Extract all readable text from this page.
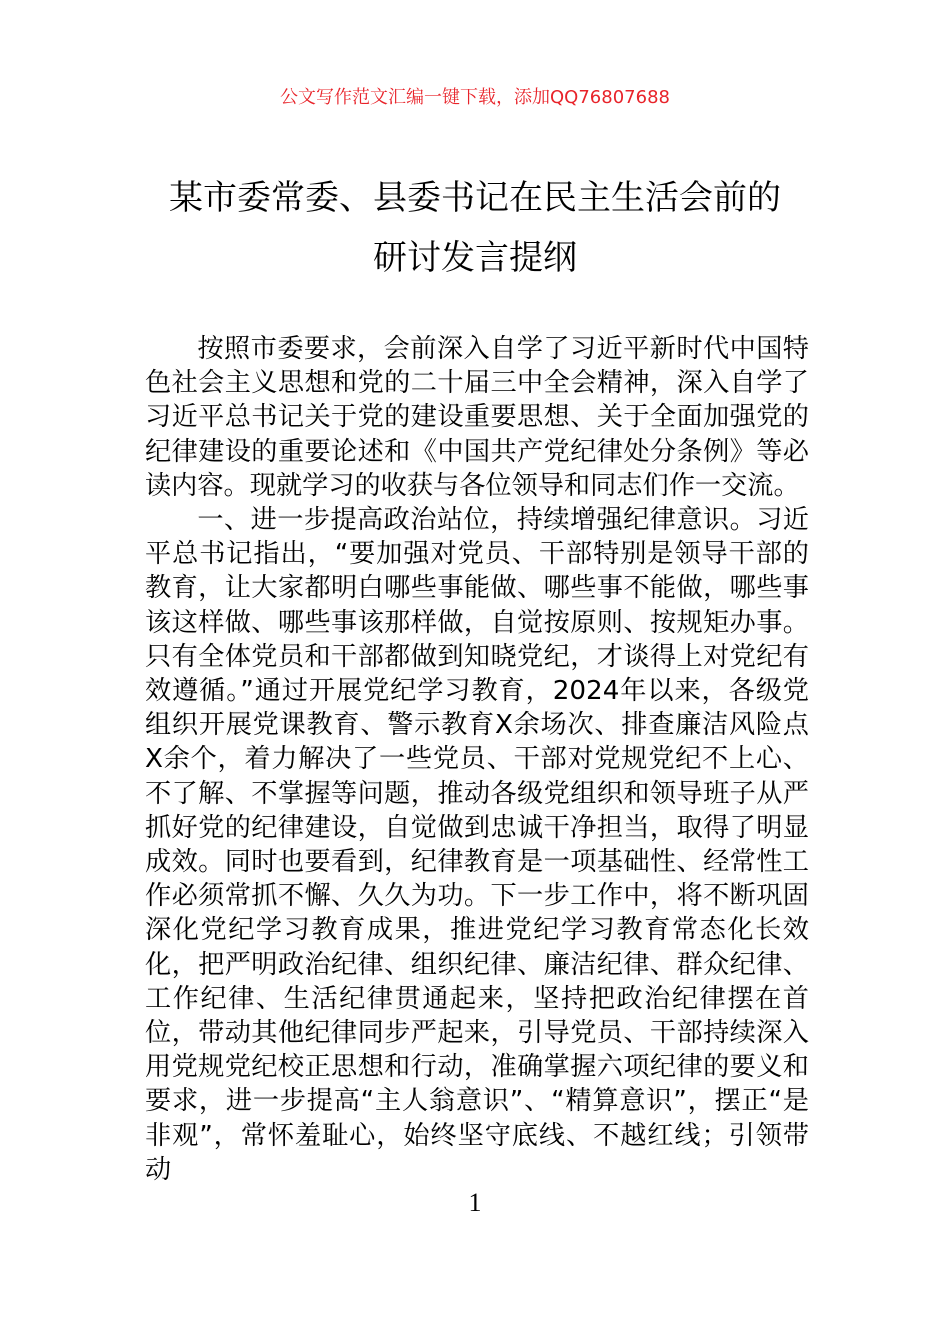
公文写作范文汇编一键下载，添加QQ76807688
某市委常委、县委书记在民主生活会前的
研讨发言提纲

按照市委要求，会前深入自学了习近平新时代中国特色社会主义思想和党的二十届三中全会精神，深入自学了习近平总书记关于党的建设重要思想、关于全面加强党的纪律建设的重要论述和《中国共产党纪律处分条例》等必读内容。现就学习的收获与各位领导和同志们作一交流。

一、进一步提高政治站位，持续增强纪律意识。习近平总书记指出，“要加强对党员、干部特别是领导干部的教育，让大家都明白哪些事能做、哪些事不能做，哪些事该这样做、哪些事该那样做，自觉按原则、按规矩办事。只有全体党员和干部都做到知晓党纪，才谈得上对党纪有效遵循。”通过开展党纪学习教育，2024年以来，各级党组织开展党课教育、警示教育X余场次、排查廉洁风险点X余个，着力解决了一些党员、干部对党规党纪不上心、不了解、不掌握等问题，推动各级党组织和领导班子从严抓好党的纪律建设，自觉做到忠诚干净担当，取得了明显成效。同时也要看到，纪律教育是一项基础性、经常性工作必须常抓不懈、久久为功。下一步工作中，将不断巩固深化党纪学习教育成果，推进党纪学习教育常态化长效化，把严明政治纪律、组织纪律、廉洁纪律、群众纪律、工作纪律、生活纪律贯通起来，坚持把政治纪律摆在首位，带动其他纪律同步严起来，引导党员、干部持续深入用党规党纪校正思想和行动，准确掌握六项纪律的要义和要求，进一步提高“主人翁意识”、“精算意识”，摆正“是非观”，常怀羞耻心，始终坚守底线、不越红线；引领带动

1
